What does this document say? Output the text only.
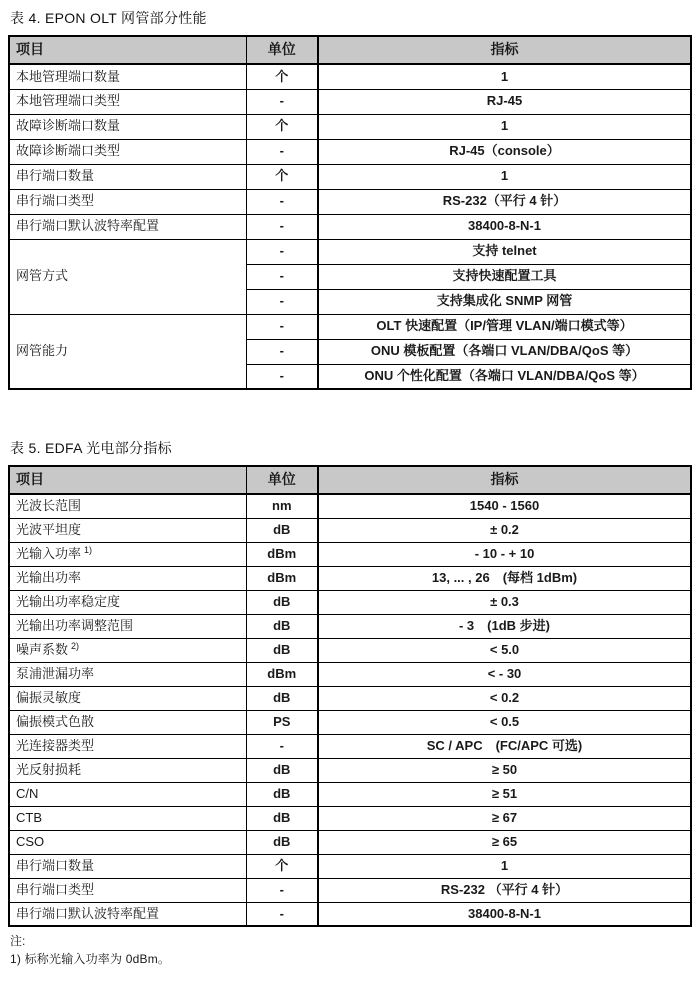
表 4. EPON OLT 网管部分性能
项目	单位	指标
本地管理端口数量	个	1
本地管理端口类型	-	RJ-45
故障诊断端口数量	个	1
故障诊断端口类型	-	RJ-45（console）
串行端口数量	个	1
串行端口类型	-	RS-232（平行 4 针）
串行端口默认波特率配置	-	38400-8-N-1
网管方式	-	支持 telnet
	-	支持快速配置工具
	-	支持集成化 SNMP 网管
网管能力	-	OLT 快速配置（IP/管理 VLAN/端口模式等）
	-	ONU 模板配置（各端口 VLAN/DBA/QoS 等）
	-	ONU 个性化配置（各端口 VLAN/DBA/QoS 等）
表 5. EDFA 光电部分指标
项目	单位	指标
光波长范围	nm	1540 - 1560
光波平坦度	dB	± 0.2
光输入功率 $^{1)}$	dBm	- 10 - + 10
光输出功率	dBm	13, ... , 26　(每档 1dBm)
光输出功率稳定度	dB	± 0.3
光输出功率调整范围	dB	- 3　(1dB 步进)
噪声系数 $^{2)}$	dB	< 5.0
泵浦泄漏功率	dBm	< - 30
偏振灵敏度	dB	< 0.2
偏振模式色散	PS	< 0.5
光连接器类型	-	SC / APC　(FC/APC 可选)
光反射损耗	dB	≥ 50
C/N	dB	≥ 51
CTB	dB	≥ 67
CSO	dB	≥ 65
串行端口数量	个	1
串行端口类型	-	RS-232 （平行 4 针）
串行端口默认波特率配置	-	38400-8-N-1
注:
1) 标称光输入功率为 0dBm。
